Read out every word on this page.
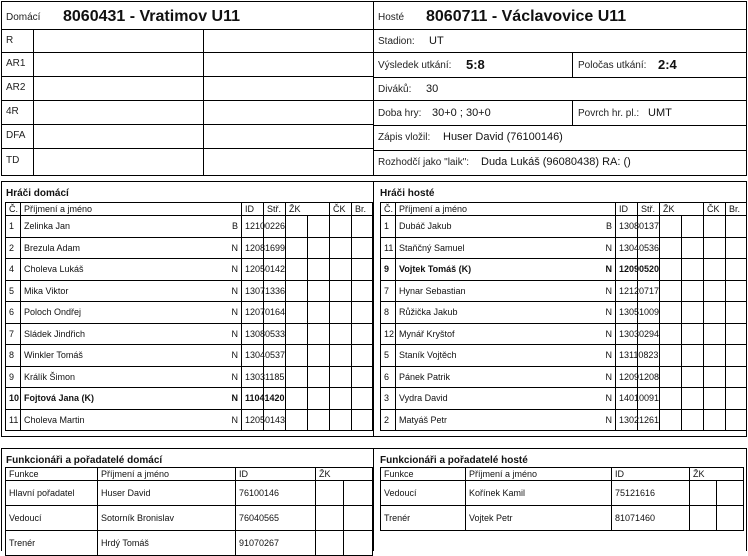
Domácí 8060431 - Vratimov U11	Hosté 8060711 - Václavovice U11
R
AR1
AR2
4R
DFA
TD
Stadion: UT
Výsledek utkání: 5:8	Poločas utkání: 2:4
Diváků: 30
Doba hry: 30+0 ; 30+0	Povrch hr. pl.: UMT
Zápis vložil: Huser David (76100146)
Rozhodčí jako "laik": Duda Lukáš (96080438) RA: ()
Hráči domácí	Hráči hosté
Č.	Příjmení a jméno	ID	Stř.	ŽK		ČK	Br.
1	Zelinka Jan B	12100226					
2	Brezula Adam N	12081699					
4	Choleva Lukáš N	12050142					
5	Mika Viktor N	13071336					
6	Poloch Ondřej N	12070164					
7	Sládek Jindřich N	13080533					
8	Winkler Tomáš N	13040537					
9	Králík Šimon N	13031185					
10	Fojtová Jana (K) N	11041420					
11	Choleva Martin N	12050143					
Č.	Příjmení a jméno	ID	Stř.	ŽK		ČK	Br.
1	Dubáč Jakub B	13080137					
11	Staňčný Samuel N	13040536					
9	Vojtek Tomáš (K) N	12090520					
7	Hynar Sebastian N	12120717					
8	Růžička Jakub N	13051009					
12	Mynář Kryštof N	13030294					
5	Staník Vojtěch N	13110823					
6	Pánek Patrik N	12091208					
3	Vydra David N	14010091					
2	Matyáš Petr N	13021261					
Funkcionáři a pořadatelé domácí	Funkcionáři a pořadatelé hosté
Funkce	Příjmení a jméno	ID	ŽK	
Hlavní pořadatel	Huser David	76100146		
Vedoucí	Sotorník Bronislav	76040565		
Trenér	Hrdý Tomáš	91070267		
Funkce	Příjmení a jméno	ID	ŽK	
Vedoucí	Kořínek Kamil	75121616		
Trenér	Vojtek Petr	81071460		
